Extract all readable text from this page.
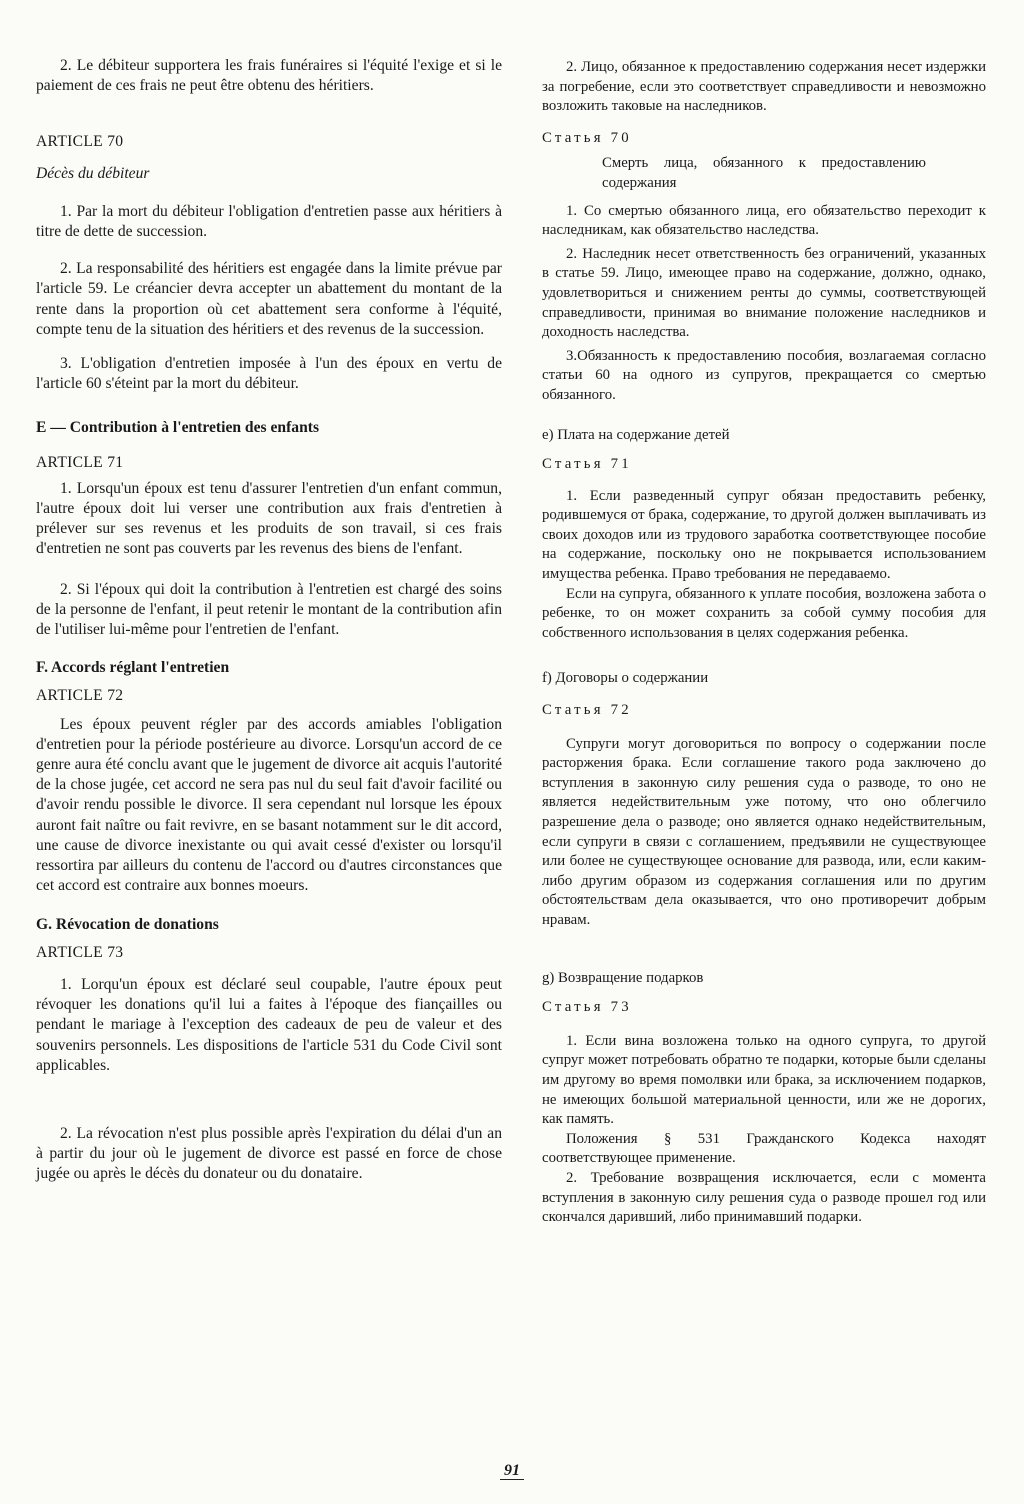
2. Le débiteur supportera les frais funéraires si l'équité l'exige et si le paiement de ces frais ne peut être obtenu des héritiers.

ARTICLE 70

Décès du débiteur

1. Par la mort du débiteur l'obligation d'entretien passe aux héritiers à titre de dette de succession.

2. La responsabilité des héritiers est engagée dans la limite prévue par l'article 59. Le créancier devra accepter un abattement du montant de la rente dans la proportion où cet abattement sera conforme à l'équité, compte tenu de la situation des héritiers et des revenus de la succession.

3. L'obligation d'entretien imposée à l'un des époux en vertu de l'article 60 s'éteint par la mort du débiteur.

E — Contribution à l'entretien des enfants

ARTICLE 71

1. Lorsqu'un époux est tenu d'assurer l'entretien d'un enfant commun, l'autre époux doit lui verser une contribution aux frais d'entretien à prélever sur ses revenus et les produits de son travail, si ces frais d'entretien ne sont pas couverts par les revenus des biens de l'enfant.

2. Si l'époux qui doit la contribution à l'entretien est chargé des soins de la personne de l'enfant, il peut retenir le montant de la contribution afin de l'utiliser lui-même pour l'entretien de l'enfant.

F. Accords réglant l'entretien

ARTICLE 72

Les époux peuvent régler par des accords amiables l'obligation d'entretien pour la période postérieure au divorce. Lorsqu'un accord de ce genre aura été conclu avant que le jugement de divorce ait acquis l'autorité de la chose jugée, cet accord ne sera pas nul du seul fait d'avoir facilité ou d'avoir rendu possible le divorce. Il sera cependant nul lorsque les époux auront fait naître ou fait revivre, en se basant notamment sur le dit accord, une cause de divorce inexistante ou qui avait cessé d'exister ou lorsqu'il ressortira par ailleurs du contenu de l'accord ou d'autres circonstances que cet accord est contraire aux bonnes moeurs.

G. Révocation de donations

ARTICLE 73

1. Lorqu'un époux est déclaré seul coupable, l'autre époux peut révoquer les donations qu'il lui a faites à l'époque des fiançailles ou pendant le mariage à l'exception des cadeaux de peu de valeur et des souvenirs personnels. Les dispositions de l'article 531 du Code Civil sont applicables.

2. La révocation n'est plus possible après l'expiration du délai d'un an à partir du jour où le jugement de divorce est passé en force de chose jugée ou après le décès du donateur ou du donataire.

2. Лицо, обязанное к предоставлению содержания несет издержки за погребение, если это соответствует справедливости и невозможно возложить таковые на наследников.

Статья 70

Смерть лица, обязанного к предоставлению содержания

1. Со смертью обязанного лица, его обязательство переходит к наследникам, как обязательство наследства.

2. Наследник несет ответственность без ограничений, указанных в статье 59. Лицо, имеющее право на содержание, должно, однако, удовлетвориться и снижением ренты до суммы, соответствующей справедливости, принимая во внимание положение наследников и доходность наследства.

3.Обязанность к предоставлению пособия, возлагаемая согласно статьи 60 на одного из супругов, прекращается со смертью обязанного.

e) Плата на содержание детей

Статья 71

1. Если разведенный супруг обязан предоставить ребенку, родившемуся от брака, содержание, то другой должен выплачивать из своих доходов или из трудового заработка соответствующее пособие на содержание, поскольку оно не покрывается использованием имущества ребенка. Право требования не передаваемо.

Если на супруга, обязанного к уплате пособия, возложена забота о ребенке, то он может сохранить за собой сумму пособия для собственного использования в целях содержания ребенка.

f) Договоры о содержании

Статья 72

Супруги могут договориться по вопросу о содержании после расторжения брака. Если соглашение такого рода заключено до вступления в законную силу решения суда о разводе, то оно не является недействительным уже потому, что оно облегчило разрешение дела о разводе; оно является однако недействительным, если супруги в связи с соглашением, предъявили не существующее или более не существующее основание для развода, или, если каким-либо другим образом из содержания соглашения или по другим обстоятельствам дела оказывается, что оно противоречит добрым нравам.

g) Возвращение подарков

Статья 73

1. Если вина возложена только на одного супруга, то другой супруг может потребовать обратно те подарки, которые были сделаны им другому во время помолвки или брака, за исключением подарков, не имеющих большой материальной ценности, или же не дорогих, как память.

Положения § 531 Гражданского Кодекса находят соответствующее применение.

2. Требование возвращения исключается, если с момента вступления в законную силу решения суда о разводе прошел год или скончался даривший, либо принимавший подарки.

91
